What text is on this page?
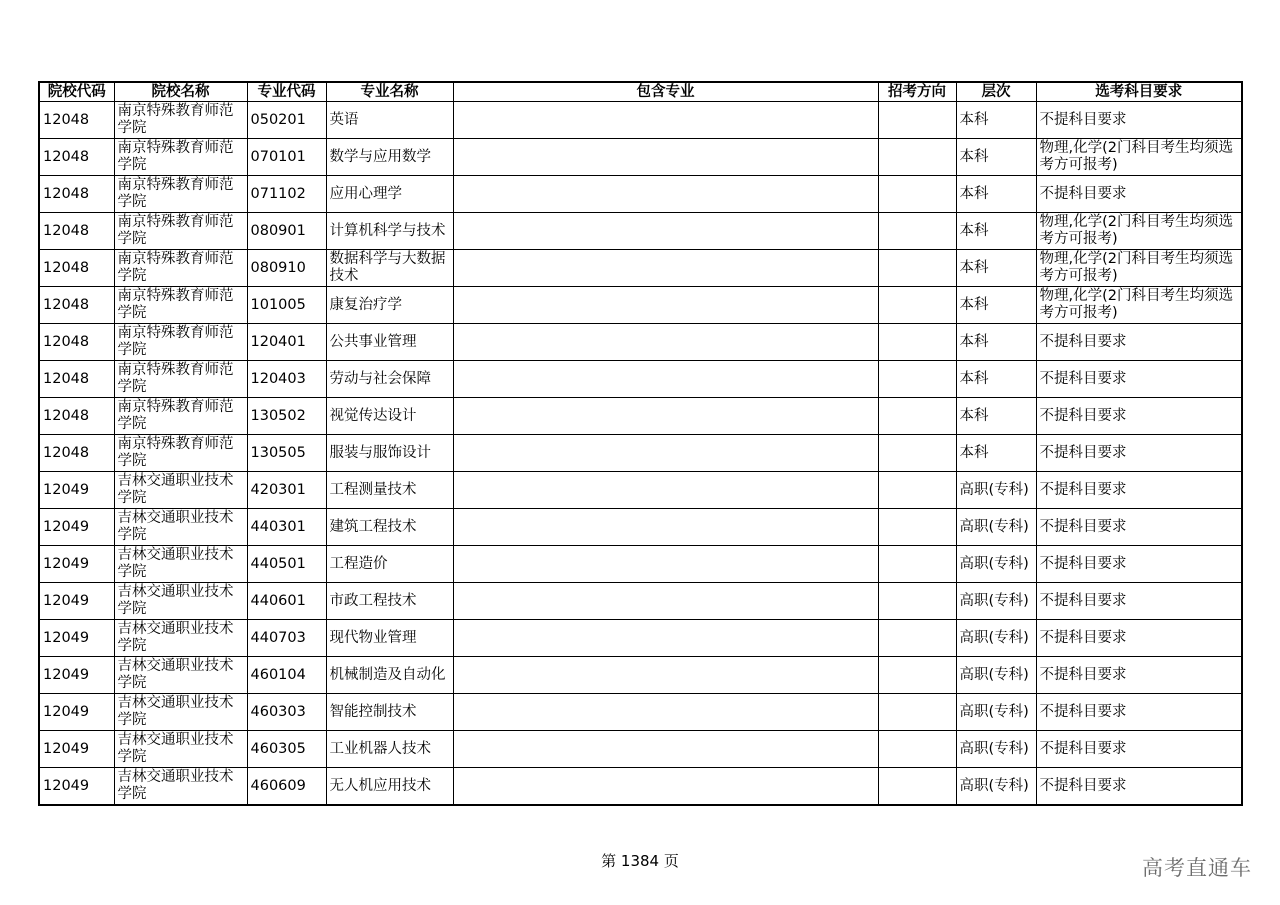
院校代码	院校名称	专业代码	专业名称	包含专业	招考方向	层次	选考科目要求
12048	南京特殊教育师范学院	050201	英语			本科	不提科目要求
12048	南京特殊教育师范学院	070101	数学与应用数学			本科	物理,化学(2门科目考生均须选考方可报考)
12048	南京特殊教育师范学院	071102	应用心理学			本科	不提科目要求
12048	南京特殊教育师范学院	080901	计算机科学与技术			本科	物理,化学(2门科目考生均须选考方可报考)
12048	南京特殊教育师范学院	080910	数据科学与大数据技术			本科	物理,化学(2门科目考生均须选考方可报考)
12048	南京特殊教育师范学院	101005	康复治疗学			本科	物理,化学(2门科目考生均须选考方可报考)
12048	南京特殊教育师范学院	120401	公共事业管理			本科	不提科目要求
12048	南京特殊教育师范学院	120403	劳动与社会保障			本科	不提科目要求
12048	南京特殊教育师范学院	130502	视觉传达设计			本科	不提科目要求
12048	南京特殊教育师范学院	130505	服装与服饰设计			本科	不提科目要求
12049	吉林交通职业技术学院	420301	工程测量技术			高职(专科)	不提科目要求
12049	吉林交通职业技术学院	440301	建筑工程技术			高职(专科)	不提科目要求
12049	吉林交通职业技术学院	440501	工程造价			高职(专科)	不提科目要求
12049	吉林交通职业技术学院	440601	市政工程技术			高职(专科)	不提科目要求
12049	吉林交通职业技术学院	440703	现代物业管理			高职(专科)	不提科目要求
12049	吉林交通职业技术学院	460104	机械制造及自动化			高职(专科)	不提科目要求
12049	吉林交通职业技术学院	460303	智能控制技术			高职(专科)	不提科目要求
12049	吉林交通职业技术学院	460305	工业机器人技术			高职(专科)	不提科目要求
12049	吉林交通职业技术学院	460609	无人机应用技术			高职(专科)	不提科目要求
第 1384 页	高考直通车
